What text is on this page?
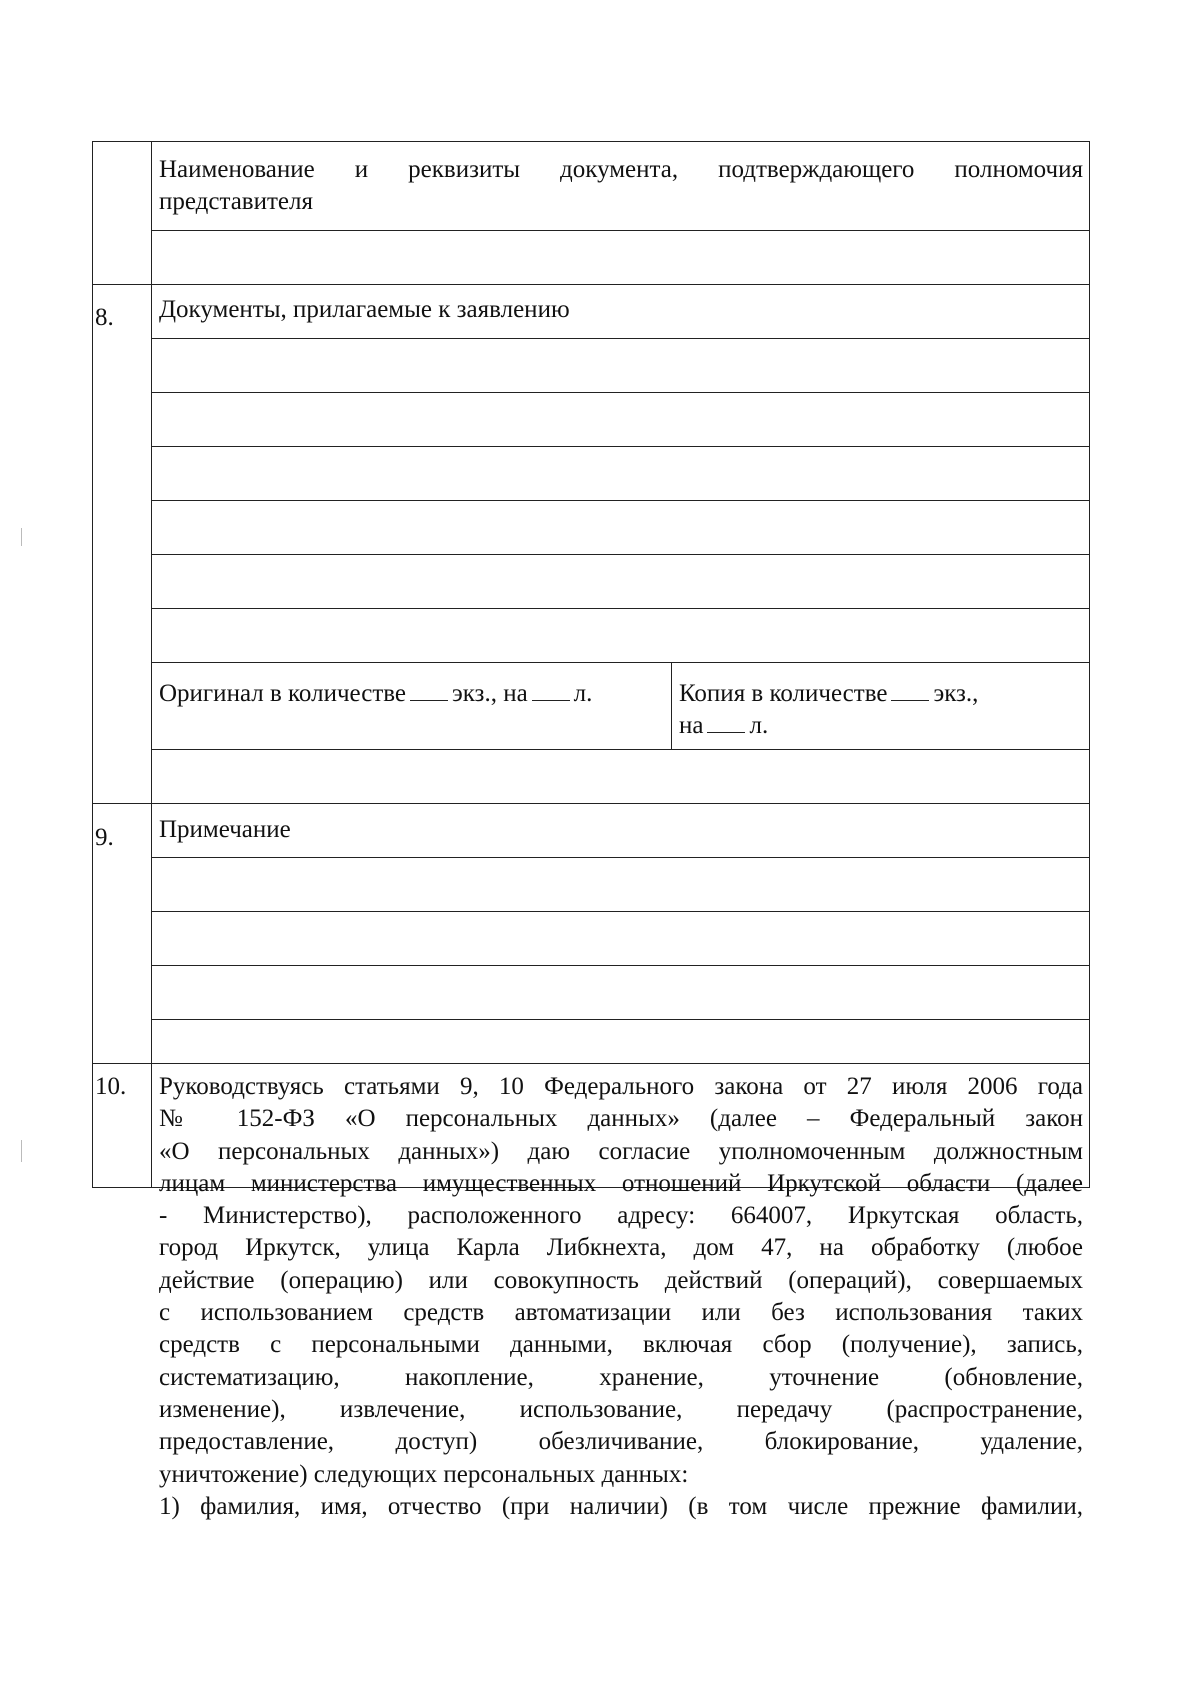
Наименование и реквизиты документа, подтверждающего полномочия
представителя
8. Документы, прилагаемые к заявлению
Оригинал в количестве экз., на л.	Копия в количестве экз.,
на л.
9. Примечание
10. Руководствуясь статьями 9, 10 Федерального закона от 27 июля 2006 года
№ 152-ФЗ «О персональных данных» (далее – Федеральный закон
«О персональных данных») даю согласие уполномоченным должностным
лицам министерства имущественных отношений Иркутской области (далее
- Министерство), расположенного адресу: 664007, Иркутская область,
город Иркутск, улица Карла Либкнехта, дом 47, на обработку (любое
действие (операцию) или совокупность действий (операций), совершаемых
с использованием средств автоматизации или без использования таких
средств с персональными данными, включая сбор (получение), запись,
систематизацию, накопление, хранение, уточнение (обновление,
изменение), извлечение, использование, передачу (распространение,
предоставление, доступ) обезличивание, блокирование, удаление,
уничтожение) следующих персональных данных:
1) фамилия, имя, отчество (при наличии) (в том числе прежние фамилии,
